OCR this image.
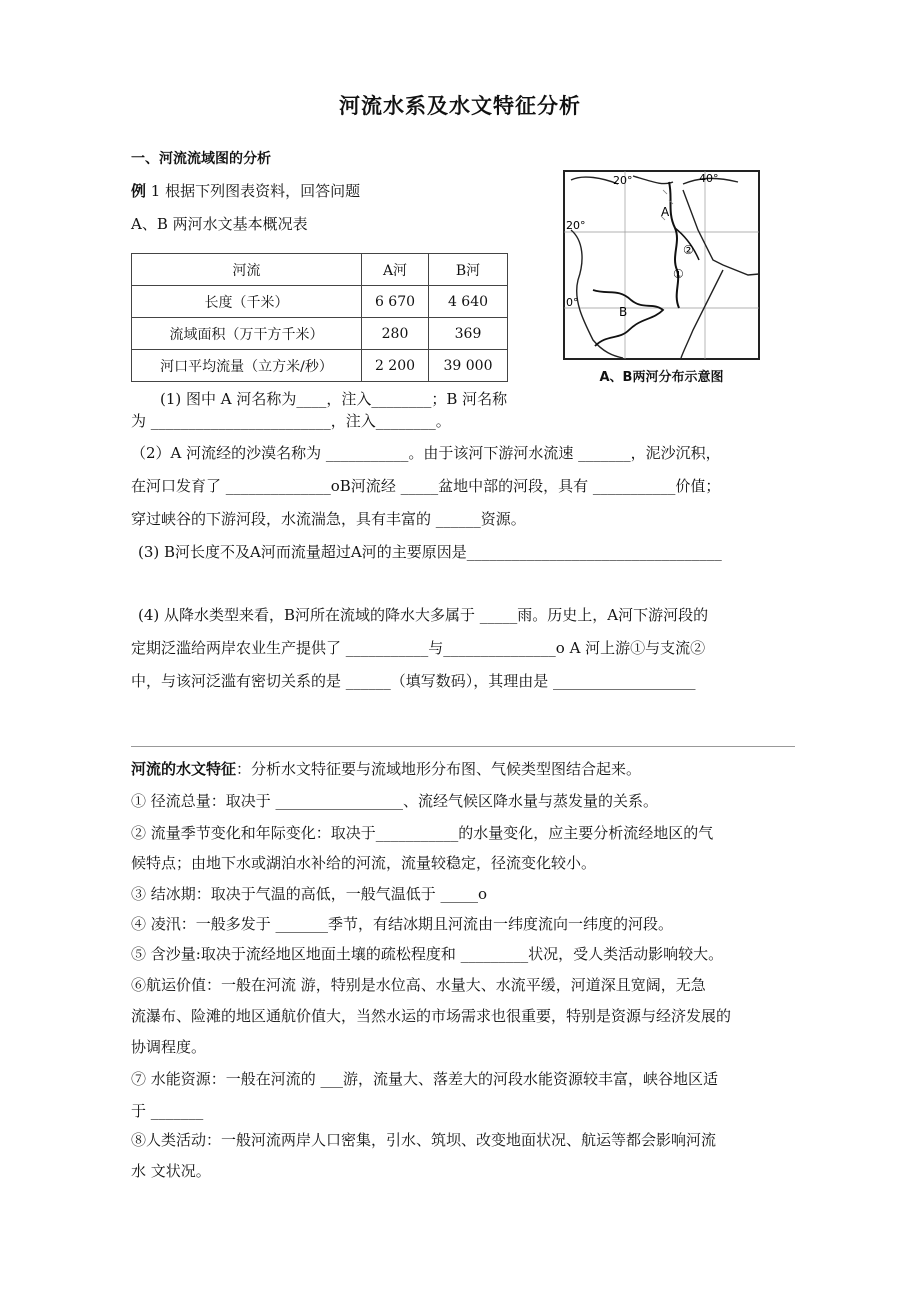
河流水系及水文特征分析
一、河流流域图的分析
例 1 根据下列图表资料，回答问题
A、B 两河水文基本概况表
河流	A河	B河
长度（千米）	6 670	4 640
流域面积（万干方千米）	280	369
河口平均流量（立方米/秒）	2 200	39 000
20°	40°
20°
0°
A
B
①
②
A、B两河分布示意图
(1) 图中 A 河名称为____，注入________；B 河名称
为 ________________________，注入________。
（2）A 河流经的沙漠名称为 ___________。由于该河下游河水流速 _______，泥沙沉积，
在河口发育了 ______________oB河流经 _____盆地中部的河段，具有 ___________价值；
穿过峡谷的下游河段，水流湍急，具有丰富的 ______资源。
(3) B河长度不及A河而流量超过A河的主要原因是__________________________________
(4) 从降水类型来看，B河所在流域的降水大多属于 _____雨。历史上，A河下游河段的
定期泛滥给两岸农业生产提供了 ___________与_______________o A 河上游①与支流②
中，与该河泛滥有密切关系的是 ______（填写数码），其理由是 ___________________
河流的水文特征：分析水文特征要与流域地形分布图、气候类型图结合起来。
① 径流总量：取决于 _________________、流经气候区降水量与蒸发量的关系。
② 流量季节变化和年际变化：取决于___________的水量变化，应主要分析流经地区的气
候特点；由地下水或湖泊水补给的河流，流量较稳定，径流变化较小。
③ 结冰期：取决于气温的高低，一般气温低于 _____o
④ 凌汛：一般多发于 _______季节，有结冰期且河流由一纬度流向一纬度的河段。
⑤ 含沙量:取决于流经地区地面土壤的疏松程度和 _________状况，受人类活动影响较大。
⑥航运价值：一般在河流 游，特别是水位高、水量大、水流平缓，河道深且宽阔，无急
流瀑布、险滩的地区通航价值大，当然水运的市场需求也很重要，特别是资源与经济发展的
协调程度。
⑦ 水能资源：一般在河流的 ___游，流量大、落差大的河段水能资源较丰富，峡谷地区适
于 _______
⑧人类活动：一般河流两岸人口密集，引水、筑坝、改变地面状况、航运等都会影响河流
水 文状况。
